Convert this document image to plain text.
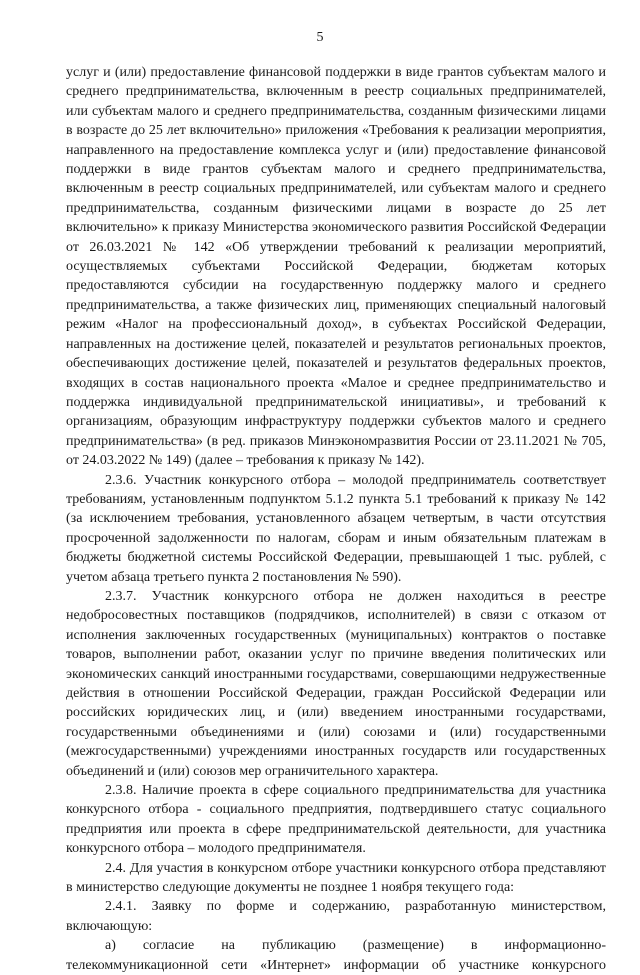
5

услуг и (или) предоставление финансовой поддержки в виде грантов субъектам малого и среднего предпринимательства, включенным в реестр социальных предпринимателей, или субъектам малого и среднего предпринимательства, созданным физическими лицами в возрасте до 25 лет включительно» приложения «Требования к реализации мероприятия, направленного на предоставление комплекса услуг и (или) предоставление финансовой поддержки в виде грантов субъектам малого и среднего предпринимательства, включенным в реестр социальных предпринимателей, или субъектам малого и среднего предпринимательства, созданным физическими лицами в возрасте до 25 лет включительно» к приказу Министерства экономического развития Российской Федерации от 26.03.2021 № 142 «Об утверждении требований к реализации мероприятий, осуществляемых субъектами Российской Федерации, бюджетам которых предоставляются субсидии на государственную поддержку малого и среднего предпринимательства, а также физических лиц, применяющих специальный налоговый режим «Налог на профессиональный доход», в субъектах Российской Федерации, направленных на достижение целей, показателей и результатов региональных проектов, обеспечивающих достижение целей, показателей и результатов федеральных проектов, входящих в состав национального проекта «Малое и среднее предпринимательство и поддержка индивидуальной предпринимательской инициативы», и требований к организациям, образующим инфраструктуру поддержки субъектов малого и среднего предпринимательства» (в ред. приказов Минэкономразвития России от 23.11.2021 № 705, от 24.03.2022 № 149) (далее – требования к приказу № 142).

2.3.6. Участник конкурсного отбора – молодой предприниматель соответствует требованиям, установленным подпунктом 5.1.2 пункта 5.1 требований к приказу № 142 (за исключением требования, установленного абзацем четвертым, в части отсутствия просроченной задолженности по налогам, сборам и иным обязательным платежам в бюджеты бюджетной системы Российской Федерации, превышающей 1 тыс. рублей, с учетом абзаца третьего пункта 2 постановления № 590).

2.3.7. Участник конкурсного отбора не должен находиться в реестре недобросовестных поставщиков (подрядчиков, исполнителей) в связи с отказом от исполнения заключенных государственных (муниципальных) контрактов о поставке товаров, выполнении работ, оказании услуг по причине введения политических или экономических санкций иностранными государствами, совершающими недружественные действия в отношении Российской Федерации, граждан Российской Федерации или российских юридических лиц, и (или) введением иностранными государствами, государственными объединениями и (или) союзами и (или) государственными (межгосударственными) учреждениями иностранных государств или государственных объединений и (или) союзов мер ограничительного характера.

2.3.8. Наличие проекта в сфере социального предпринимательства для участника конкурсного отбора - социального предприятия, подтвердившего статус социального предприятия или проекта в сфере предпринимательской деятельности, для участника конкурсного отбора – молодого предпринимателя.

2.4. Для участия в конкурсном отборе участники конкурсного отбора представляют в министерство следующие документы не позднее 1 ноября текущего года:

2.4.1. Заявку по форме и содержанию, разработанную министерством, включающую:

а) согласие на публикацию (размещение) в информационно-телекоммуникационной сети «Интернет» информации об участнике конкурсного
